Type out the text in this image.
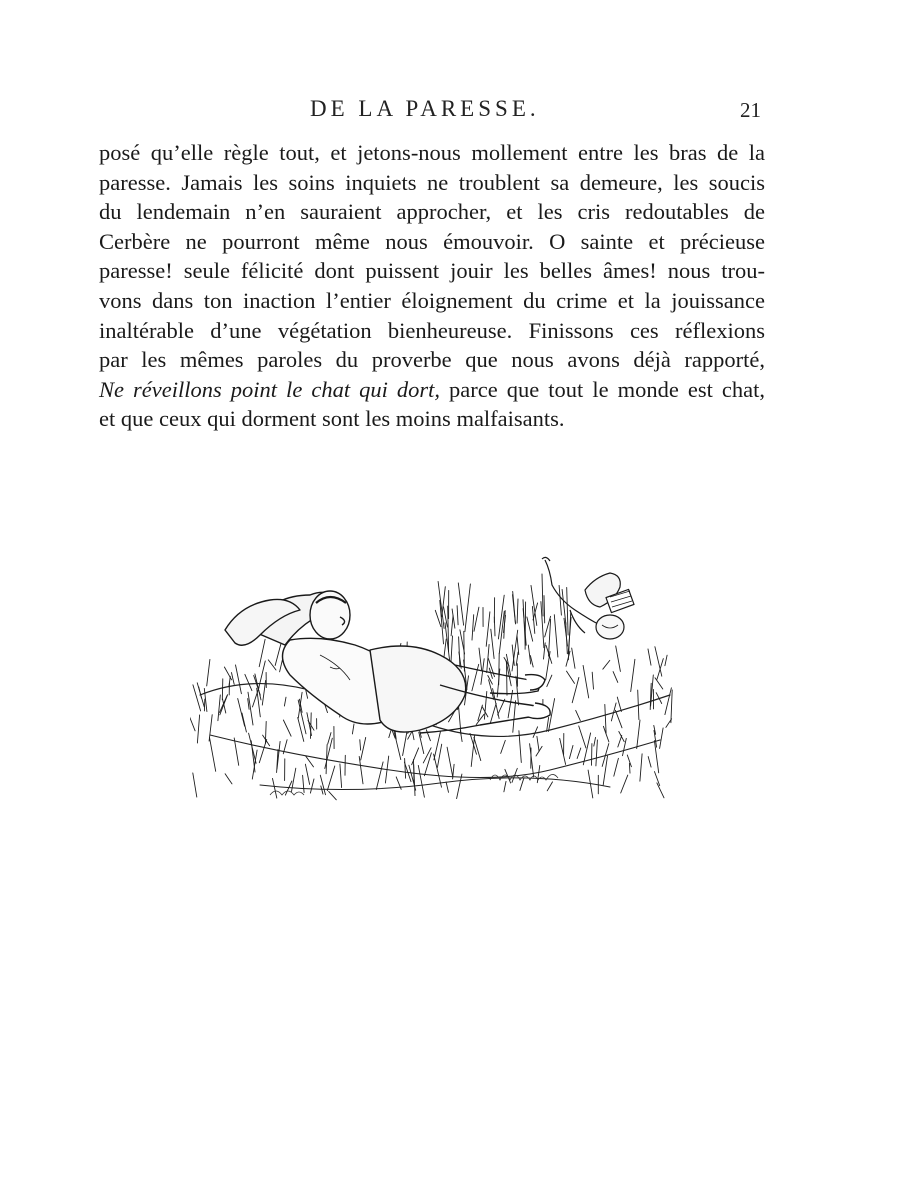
DE LA PARESSE.	21
posé qu’elle règle tout, et jetons-nous mollement entre les bras de la
paresse. Jamais les soins inquiets ne troublent sa demeure, les soucis
du lendemain n’en sauraient approcher, et les cris redoutables de
Cerbère ne pourront même nous émouvoir. O sainte et précieuse
paresse! seule félicité dont puissent jouir les belles âmes! nous trou-
vons dans ton inaction l’entier éloignement du crime et la jouissance
inaltérable d’une végétation bienheureuse. Finissons ces réflexions
par les mêmes paroles du proverbe que nous avons déjà rapporté,
Ne réveillons point le chat qui dort, parce que tout le monde est chat,
et que ceux qui dorment sont les moins malfaisants.
